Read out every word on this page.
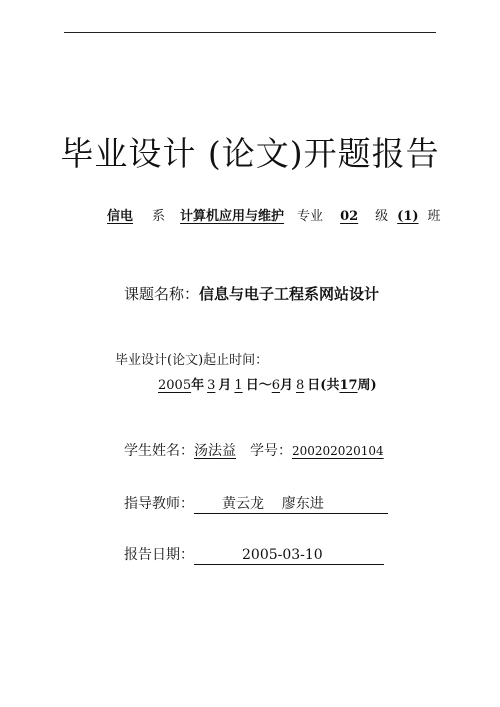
毕业设计 (论文)开题报告
信电 系 计算机应用与维护 专业 02 级 (1) 班
课题名称：信息与电子工程系网站设计
毕业设计(论文)起止时间：
2005年 3 月 1 日～6月 8 日(共17周)
学生姓名：汤法益 学号：200202020104
指导教师： 黄云龙    廖东进
报告日期：	2005-03-10
